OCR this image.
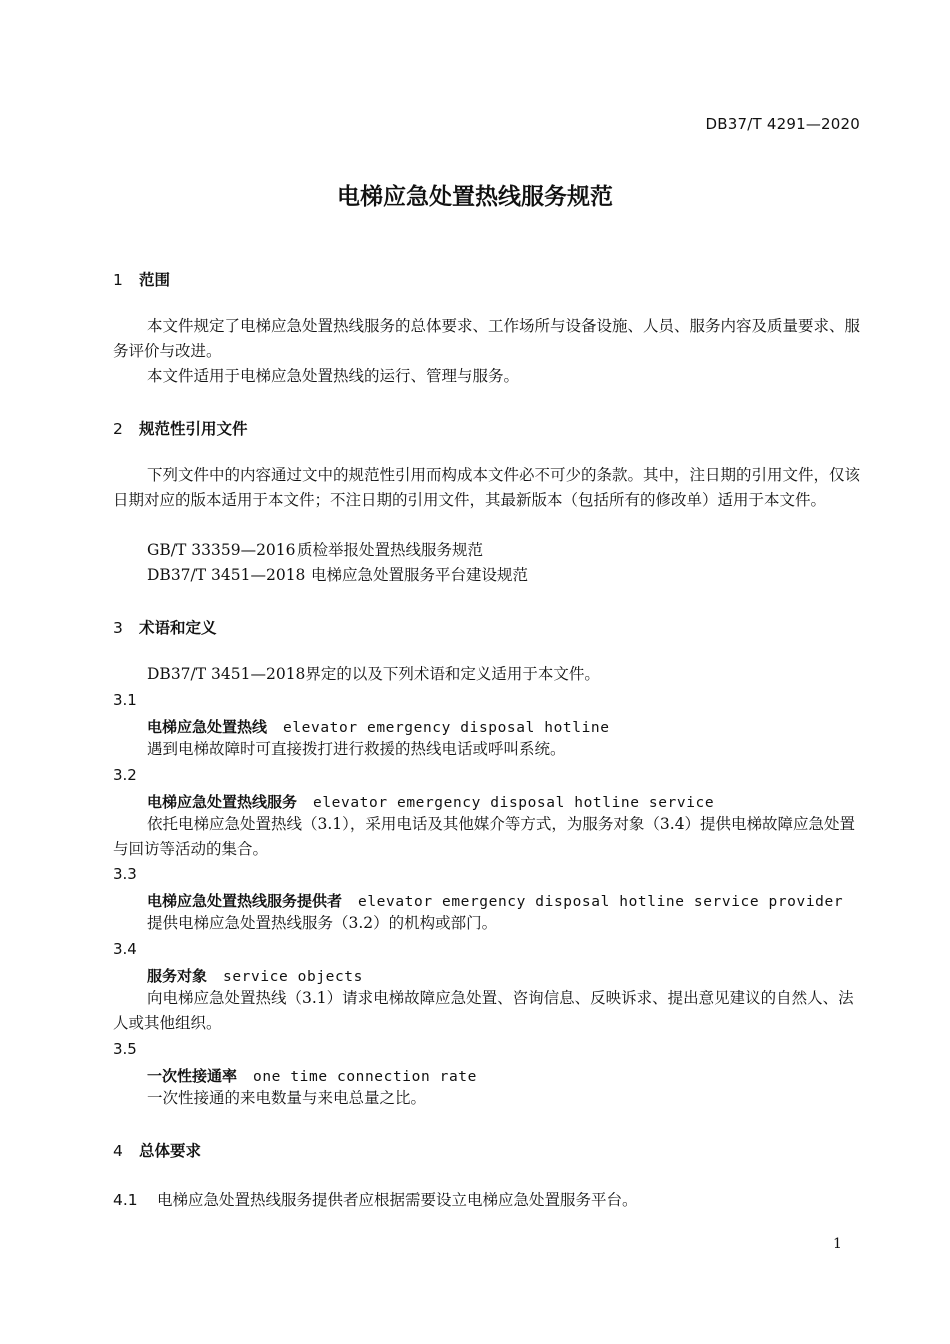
DB37/T 4291—2020
电梯应急处置热线服务规范
1 范围
本文件规定了电梯应急处置热线服务的总体要求、工作场所与设备设施、人员、服务内容及质量要求、服务评价与改进。
本文件适用于电梯应急处置热线的运行、管理与服务。
2 规范性引用文件
下列文件中的内容通过文中的规范性引用而构成本文件必不可少的条款。其中，注日期的引用文件，仅该日期对应的版本适用于本文件；不注日期的引用文件，其最新版本（包括所有的修改单）适用于本文件。
GB/T 33359—2016质检举报处置热线服务规范
DB37/T 3451—2018 电梯应急处置服务平台建设规范
3 术语和定义
DB37/T 3451—2018界定的以及下列术语和定义适用于本文件。
3.1
电梯应急处置热线 elevator emergency disposal hotline
遇到电梯故障时可直接拨打进行救援的热线电话或呼叫系统。
3.2
电梯应急处置热线服务 elevator emergency disposal hotline service
依托电梯应急处置热线（3.1），采用电话及其他媒介等方式，为服务对象（3.4）提供电梯故障应急处置与回访等活动的集合。
3.3
电梯应急处置热线服务提供者 elevator emergency disposal hotline service provider
提供电梯应急处置热线服务（3.2）的机构或部门。
3.4
服务对象 service objects
向电梯应急处置热线（3.1）请求电梯故障应急处置、咨询信息、反映诉求、提出意见建议的自然人、法人或其他组织。
3.5
一次性接通率 one time connection rate
一次性接通的来电数量与来电总量之比。
4 总体要求
4.1 电梯应急处置热线服务提供者应根据需要设立电梯应急处置服务平台。
1
